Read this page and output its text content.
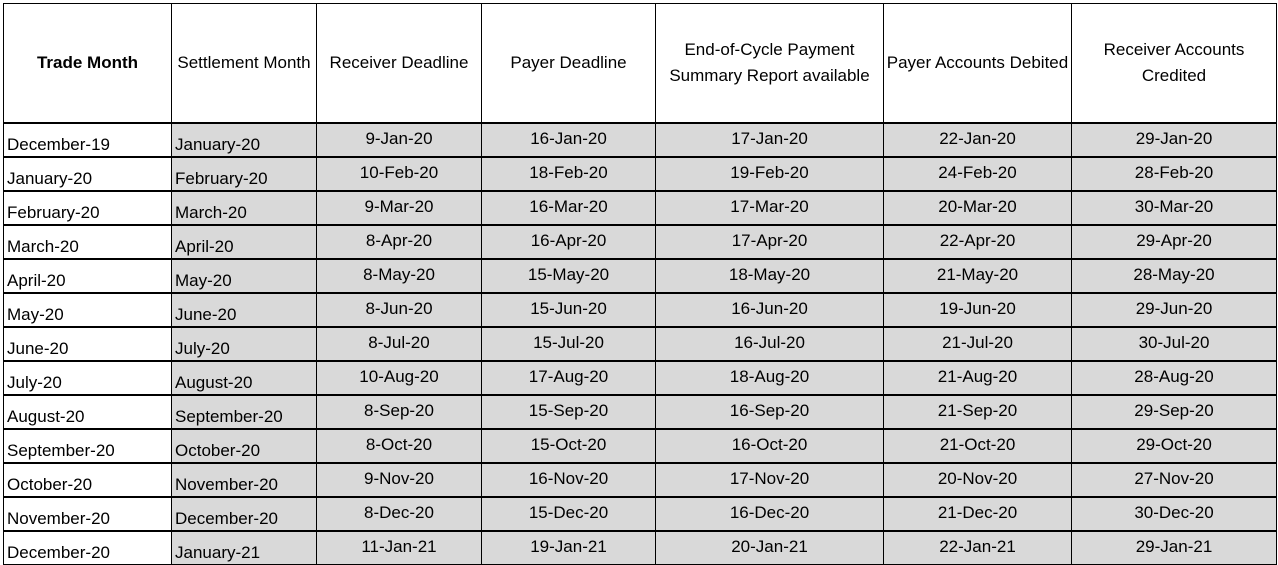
Trade Month	Settlement Month	Receiver Deadline	Payer Deadline	End-of-Cycle Payment Summary Report available	Payer Accounts Debited	Receiver Accounts Credited
December-19	January-20	9-Jan-20	16-Jan-20	17-Jan-20	22-Jan-20	29-Jan-20
January-20	February-20	10-Feb-20	18-Feb-20	19-Feb-20	24-Feb-20	28-Feb-20
February-20	March-20	9-Mar-20	16-Mar-20	17-Mar-20	20-Mar-20	30-Mar-20
March-20	April-20	8-Apr-20	16-Apr-20	17-Apr-20	22-Apr-20	29-Apr-20
April-20	May-20	8-May-20	15-May-20	18-May-20	21-May-20	28-May-20
May-20	June-20	8-Jun-20	15-Jun-20	16-Jun-20	19-Jun-20	29-Jun-20
June-20	July-20	8-Jul-20	15-Jul-20	16-Jul-20	21-Jul-20	30-Jul-20
July-20	August-20	10-Aug-20	17-Aug-20	18-Aug-20	21-Aug-20	28-Aug-20
August-20	September-20	8-Sep-20	15-Sep-20	16-Sep-20	21-Sep-20	29-Sep-20
September-20	October-20	8-Oct-20	15-Oct-20	16-Oct-20	21-Oct-20	29-Oct-20
October-20	November-20	9-Nov-20	16-Nov-20	17-Nov-20	20-Nov-20	27-Nov-20
November-20	December-20	8-Dec-20	15-Dec-20	16-Dec-20	21-Dec-20	30-Dec-20
December-20	January-21	11-Jan-21	19-Jan-21	20-Jan-21	22-Jan-21	29-Jan-21
